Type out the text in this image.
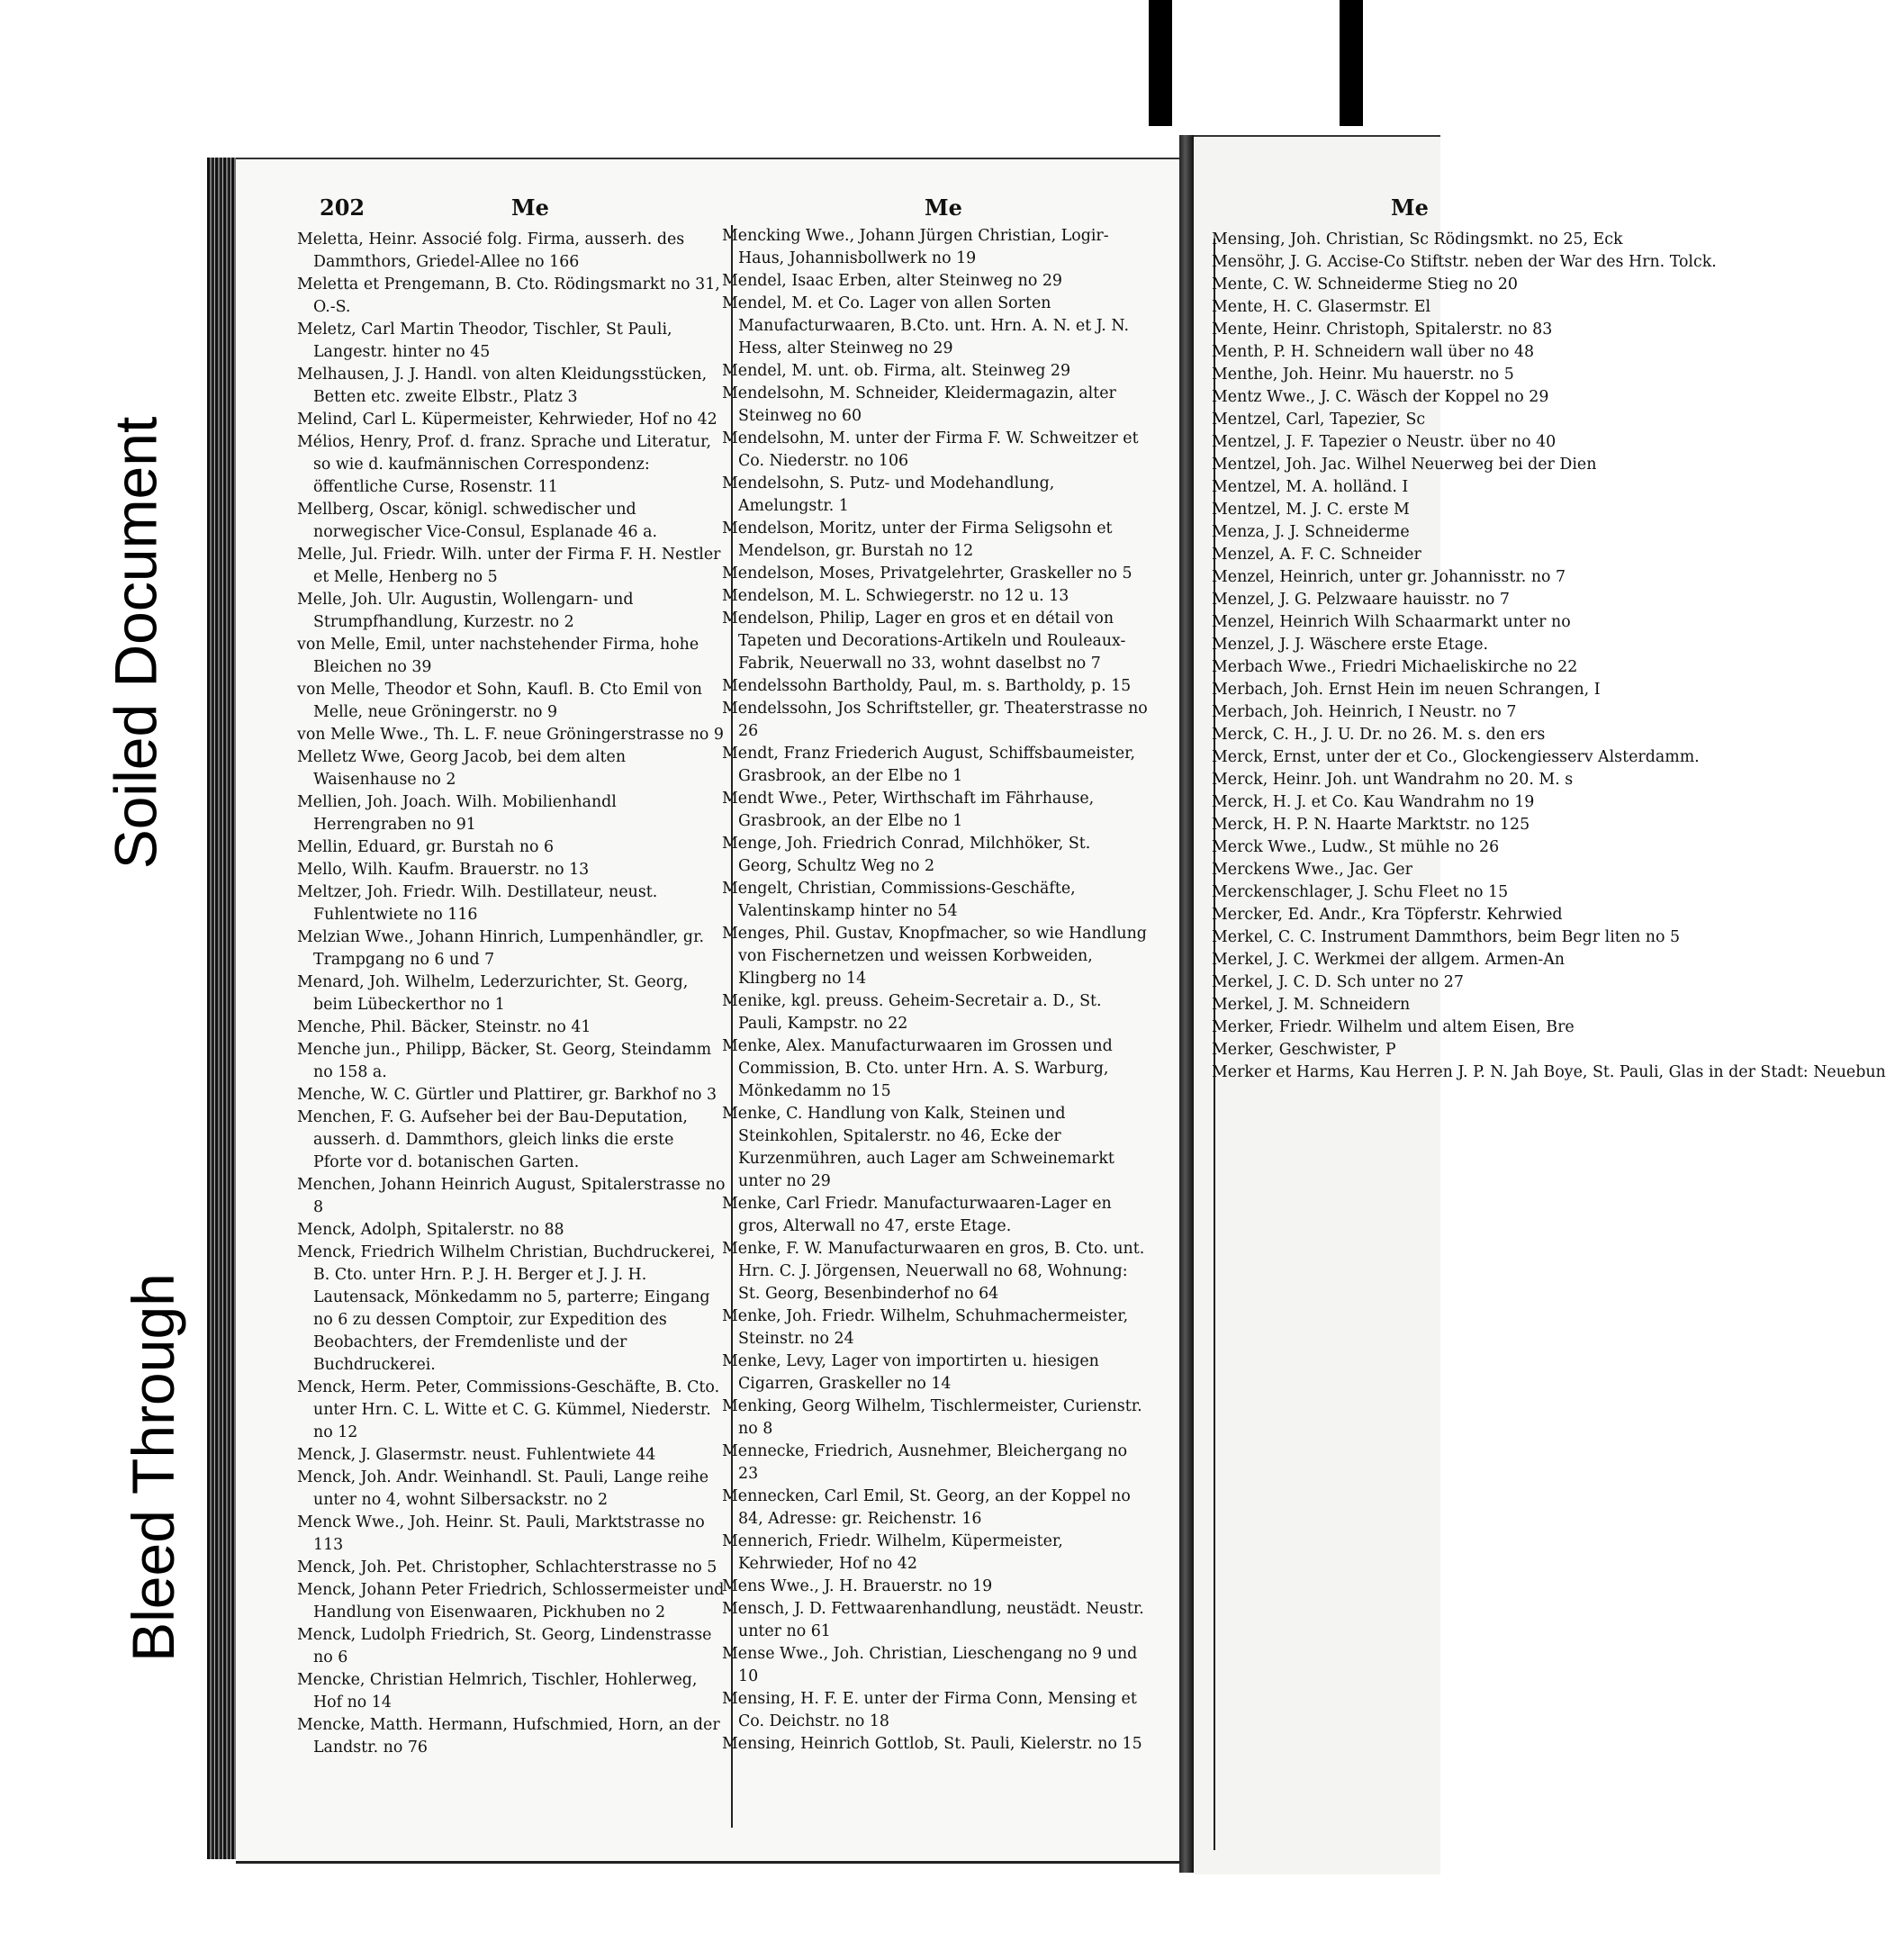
Soiled Document
Bleed Through
202	Me	Me	Me

Meletta, Heinr. Associé folg. Firma, ausserh. des Dammthors, Griedel-Allee no 166

Meletta et Prengemann, B. Cto. Rödingsmarkt no 31, O.-S.

Meletz, Carl Martin Theodor, Tischler, St Pauli, Langestr. hinter no 45

Melhausen, J. J. Handl. von alten Kleidungsstücken, Betten etc. zweite Elbstr., Platz 3

Melind, Carl L. Küpermeister, Kehrwieder, Hof no 42

Mélios, Henry, Prof. d. franz. Sprache und Literatur, so wie d. kaufmännischen Correspondenz: öffentliche Curse, Rosenstr. 11

Mellberg, Oscar, königl. schwedischer und norwegischer Vice-Consul, Esplanade 46 a.

Melle, Jul. Friedr. Wilh. unter der Firma F. H. Nestler et Melle, Henberg no 5

Melle, Joh. Ulr. Augustin, Wollengarn- und Strumpfhandlung, Kurzestr. no 2

von Melle, Emil, unter nachstehender Firma, hohe Bleichen no 39

von Melle, Theodor et Sohn, Kaufl. B. Cto Emil von Melle, neue Gröningerstr. no 9

von Melle Wwe., Th. L. F. neue Gröningerstrasse no 9

Melletz Wwe, Georg Jacob, bei dem alten Waisenhause no 2

Mellien, Joh. Joach. Wilh. Mobilienhandl Herrengraben no 91

Mellin, Eduard, gr. Burstah no 6

Mello, Wilh. Kaufm. Brauerstr. no 13

Meltzer, Joh. Friedr. Wilh. Destillateur, neust. Fuhlentwiete no 116

Melzian Wwe., Johann Hinrich, Lumpenhändler, gr. Trampgang no 6 und 7

Menard, Joh. Wilhelm, Lederzurichter, St. Georg, beim Lübeckerthor no 1

Menche, Phil. Bäcker, Steinstr. no 41

Menche jun., Philipp, Bäcker, St. Georg, Steindamm no 158 a.

Menche, W. C. Gürtler und Plattirer, gr. Barkhof no 3

Menchen, F. G. Aufseher bei der Bau-Deputation, ausserh. d. Dammthors, gleich links die erste Pforte vor d. botanischen Garten.

Menchen, Johann Heinrich August, Spitalerstrasse no 8

Menck, Adolph, Spitalerstr. no 88

Menck, Friedrich Wilhelm Christian, Buchdruckerei, B. Cto. unter Hrn. P. J. H. Berger et J. J. H. Lautensack, Mönkedamm no 5, parterre; Eingang no 6 zu dessen Comptoir, zur Expedition des Beobachters, der Fremdenliste und der Buchdruckerei.

Menck, Herm. Peter, Commissions-Geschäfte, B. Cto. unter Hrn. C. L. Witte et C. G. Kümmel, Niederstr. no 12

Menck, J. Glasermstr. neust. Fuhlentwiete 44

Menck, Joh. Andr. Weinhandl. St. Pauli, Lange reihe unter no 4, wohnt Silbersackstr. no 2

Menck Wwe., Joh. Heinr. St. Pauli, Marktstrasse no 113

Menck, Joh. Pet. Christopher, Schlachterstrasse no 5

Menck, Johann Peter Friedrich, Schlossermeister und Handlung von Eisenwaaren, Pickhuben no 2

Menck, Ludolph Friedrich, St. Georg, Lindenstrasse no 6

Mencke, Christian Helmrich, Tischler, Hohlerweg, Hof no 14

Mencke, Matth. Hermann, Hufschmied, Horn, an der Landstr. no 76

Mencking Wwe., Johann Jürgen Christian, Logir-Haus, Johannisbollwerk no 19

Mendel, Isaac Erben, alter Steinweg no 29

Mendel, M. et Co. Lager von allen Sorten Manufacturwaaren, B.Cto. unt. Hrn. A. N. et J. N. Hess, alter Steinweg no 29

Mendel, M. unt. ob. Firma, alt. Steinweg 29

Mendelsohn, M. Schneider, Kleidermagazin, alter Steinweg no 60

Mendelsohn, M. unter der Firma F. W. Schweitzer et Co. Niederstr. no 106

Mendelsohn, S. Putz- und Modehandlung, Amelungstr. 1

Mendelson, Moritz, unter der Firma Seligsohn et Mendelson, gr. Burstah no 12

Mendelson, Moses, Privatgelehrter, Graskeller no 5

Mendelson, M. L. Schwiegerstr. no 12 u. 13

Mendelson, Philip, Lager en gros et en détail von Tapeten und Decorations-Artikeln und Rouleaux-Fabrik, Neuerwall no 33, wohnt daselbst no 7

Mendelssohn Bartholdy, Paul, m. s. Bartholdy, p. 15

Mendelssohn, Jos Schriftsteller, gr. Theaterstrasse no 26

Mendt, Franz Friederich August, Schiffsbaumeister, Grasbrook, an der Elbe no 1

Mendt Wwe., Peter, Wirthschaft im Fährhause, Grasbrook, an der Elbe no 1

Menge, Joh. Friedrich Conrad, Milchhöker, St. Georg, Schultz Weg no 2

Mengelt, Christian, Commissions-Geschäfte, Valentinskamp hinter no 54

Menges, Phil. Gustav, Knopfmacher, so wie Handlung von Fischernetzen und weissen Korbweiden, Klingberg no 14

Menike, kgl. preuss. Geheim-Secretair a. D., St. Pauli, Kampstr. no 22

Menke, Alex. Manufacturwaaren im Grossen und Commission, B. Cto. unter Hrn. A. S. Warburg, Mönkedamm no 15

Menke, C. Handlung von Kalk, Steinen und Steinkohlen, Spitalerstr. no 46, Ecke der Kurzenmühren, auch Lager am Schweinemarkt unter no 29

Menke, Carl Friedr. Manufacturwaaren-Lager en gros, Alterwall no 47, erste Etage.

Menke, F. W. Manufacturwaaren en gros, B. Cto. unt. Hrn. C. J. Jörgensen, Neuerwall no 68, Wohnung: St. Georg, Besenbinderhof no 64

Menke, Joh. Friedr. Wilhelm, Schuhmachermeister, Steinstr. no 24

Menke, Levy, Lager von importirten u. hiesigen Cigarren, Graskeller no 14

Menking, Georg Wilhelm, Tischlermeister, Curienstr. no 8

Mennecke, Friedrich, Ausnehmer, Bleichergang no 23

Mennecken, Carl Emil, St. Georg, an der Koppel no 84, Adresse: gr. Reichenstr. 16

Mennerich, Friedr. Wilhelm, Küpermeister, Kehrwieder, Hof no 42

Mens Wwe., J. H. Brauerstr. no 19

Mensch, J. D. Fettwaarenhandlung, neustädt. Neustr. unter no 61

Mense Wwe., Joh. Christian, Lieschengang no 9 und 10

Mensing, H. F. E. unter der Firma Conn, Mensing et Co. Deichstr. no 18

Mensing, Heinrich Gottlob, St. Pauli, Kielerstr. no 15

Mensing, Joh. Christian, Sc Rödingsmkt. no 25, Eck

Mensöhr, J. G. Accise-Co Stiftstr. neben der War des Hrn. Tolck.

Mente, C. W. Schneiderme Stieg no 20

Mente, H. C. Glasermstr. El

Mente, Heinr. Christoph, Spitalerstr. no 83

Menth, P. H. Schneidern wall über no 48

Menthe, Joh. Heinr. Mu hauerstr. no 5

Mentz Wwe., J. C. Wäsch der Koppel no 29

Mentzel, Carl, Tapezier, Sc

Mentzel, J. F. Tapezier o Neustr. über no 40

Mentzel, Joh. Jac. Wilhel Neuerweg bei der Dien

Mentzel, M. A. holländ. I

Mentzel, M. J. C. erste M

Menza, J. J. Schneiderme

Menzel, A. F. C. Schneider

Menzel, Heinrich, unter gr. Johannisstr. no 7

Menzel, J. G. Pelzwaare hauisstr. no 7

Menzel, Heinrich Wilh Schaarmarkt unter no

Menzel, J. J. Wäschere erste Etage.

Merbach Wwe., Friedri Michaeliskirche no 22

Merbach, Joh. Ernst Hein im neuen Schrangen, I

Merbach, Joh. Heinrich, I Neustr. no 7

Merck, C. H., J. U. Dr. no 26. M. s. den ers

Merck, Ernst, unter der et Co., Glockengiesserv Alsterdamm.

Merck, Heinr. Joh. unt Wandrahm no 20. M. s

Merck, H. J. et Co. Kau Wandrahm no 19

Merck, H. P. N. Haarte Marktstr. no 125

Merck Wwe., Ludw., St mühle no 26

Merckens Wwe., Jac. Ger

Merckenschlager, J. Schu Fleet no 15

Mercker, Ed. Andr., Kra Töpferstr. Kehrwied

Merkel, C. C. Instrument Dammthors, beim Begr liten no 5

Merkel, J. C. Werkmei der allgem. Armen-An

Merkel, J. C. D. Sch unter no 27

Merkel, J. M. Schneidern

Merker, Friedr. Wilhelm und altem Eisen, Bre

Merker, Geschwister, P

Merker et Harms, Kau Herren J. P. N. Jah Boye, St. Pauli, Glas in der Stadt: Neuebun
